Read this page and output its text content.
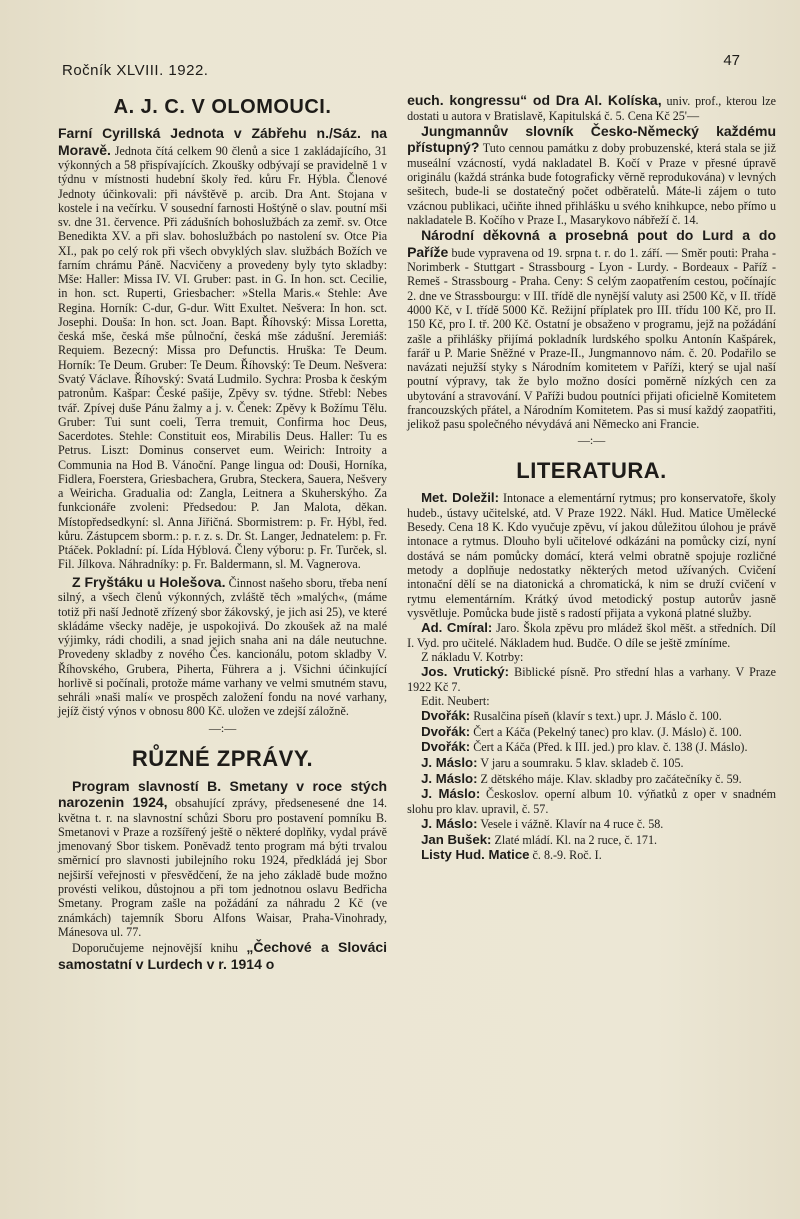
Ročník XLVIII. 1922.
47
A. J. C. V OLOMOUCI.

Farní Cyrillská Jednota v Zábřehu n./Sáz. na Moravě. Jednota čítá celkem 90 členů a sice 1 zakládajícího, 31 výkonných a 58 přispívajících. Zkoušky odbývají se pravidelně 1 v týdnu v místnosti hudební školy řed. kůru Fr. Hýbla. Členové Jednoty účinkovali: při návštěvě p. arcib. Dra Ant. Stojana v kostele i na večírku. V sousední farnosti Hoštýně o slav. poutní mši sv. dne 31. července. Při zádušních bohoslužbách za zemř. sv. Otce Benedikta XV. a při slav. bohoslužbách po nastolení sv. Otce Pia XI., pak po celý rok při všech obvyklých slav. službách Božích ve farním chrámu Páně. Nacvičeny a provedeny byly tyto skladby: Mše: Haller: Missa IV. VI. Gruber: past. in G. In hon. sct. Cecilie, in hon. sct. Ruperti, Griesbacher: »Stella Maris.« Stehle: Ave Regina. Horník: C-dur, G-dur. Witt Exultet. Nešvera: In hon. sct. Josephi. Douša: In hon. sct. Joan. Bapt. Říhovský: Missa Loretta, česká mše, česká mše půlnoční, česká mše zádušní. Jeremiáš: Requiem. Bezecný: Missa pro Defunctis. Hruška: Te Deum. Horník: Te Deum. Gruber: Te Deum. Říhovský: Te Deum. Nešvera: Svatý Václave. Říhovský: Svatá Ludmilo. Sychra: Prosba k českým patronům. Kašpar: České pašije, Zpěvy sv. týdne. Střebl: Nebes tvář. Zpívej duše Pánu žalmy a j. v. Čenek: Zpěvy k Božímu Tělu. Gruber: Tui sunt coeli, Terra tremuit, Confirma hoc Deus, Sacerdotes. Stehle: Constituit eos, Mirabilis Deus. Haller: Tu es Petrus. Liszt: Dominus conservet eum. Weirich: Introity a Communia na Hod B. Vánoční. Pange lingua od: Douši, Horníka, Fidlera, Foerstera, Griesbachera, Grubra, Steckera, Sauera, Nešvery a Weiricha. Gradualia od: Zangla, Leitnera a Skuherskýho. Za funkcionáře zvoleni: Předsedou: P. Jan Malota, děkan. Místopředsedkyní: sl. Anna Jiřičná. Sbormistrem: p. Fr. Hýbl, řed. kůru. Zástupcem sborm.: p. r. z. s. Dr. St. Langer, Jednatelem: p. Fr. Ptáček. Pokladní: pí. Lída Hýblová. Členy výboru: p. Fr. Turček, sl. Fil. Jílkova. Náhradníky: p. Fr. Baldermann, sl. M. Vagnerova.

Z Fryštáku u Holešova. Činnost našeho sboru, třeba není silný, a všech členů výkonných, zvláště těch »malých«, (máme totiž při naší Jednotě zřízený sbor žákovský, je jich asi 25), ve které skládáme všecky naděje, je uspokojivá. Do zkoušek až na malé výjimky, rádi chodili, a snad jejich snaha ani na dále neutuchne. Provedeny skladby z nového Čes. kancionálu, potom skladby V. Říhovského, Grubera, Piherta, Führera a j. Všichni účinkující horlivě si počínali, protože máme varhany ve velmi smutném stavu, sehráli »naši malí« ve prospěch založení fondu na nové varhany, jejíž čistý výnos v obnosu 800 Kč. uložen ve zdejší záložně.

—:—
RŮZNÉ ZPRÁVY.

Program slavností B. Smetany v roce stých narozenin 1924, obsahující zprávy, předsenesené dne 14. května t. r. na slavnostní schůzi Sboru pro postavení pomníku B. Smetanovi v Praze a rozšířený ještě o některé doplňky, vydal právě jmenovaný Sbor tiskem. Poněvadž tento program má býti trvalou směrnicí pro slavnosti jubilejního roku 1924, předkládá jej Sbor nejširší veřejnosti v přesvědčení, že na jeho základě bude možno provésti velikou, důstojnou a při tom jednotnou oslavu Bedřicha Smetany. Program zašle na požádání za náhradu 2 Kč (ve známkách) tajemník Sboru Alfons Waisar, Praha-Vinohrady, Mánesova ul. 77.

Doporučujeme nejnovější knihu „Čechové a Slováci samostatní v Lurdech v r. 1914 o

euch. kongressu“ od Dra Al. Kolíska, univ. prof., kterou lze dostati u autora v Bratislavě, Kapitulská č. 5. Cena Kč 25'—

Jungmannův slovník Česko-Německý každému přístupný? Tuto cennou památku z doby probuzenské, která stala se již museální vzácností, vydá nakladatel B. Kočí v Praze v přesné úpravě originálu (každá stránka bude fotograficky věrně reprodukována) v levných sešitech, bude-li se dostatečný počet odběratelů. Máte-li zájem o tuto vzácnou publikaci, učiňte ihned přihlášku u svého knihkupce, nebo přímo u nakladatele B. Kočího v Praze I., Masarykovo nábřeží č. 14.

Národní děkovná a prosebná pout do Lurd a do Paříže bude vypravena od 19. srpna t. r. do 1. září. — Směr pouti: Praha - Norimberk - Stuttgart - Strassbourg - Lyon - Lurdy. - Bordeaux - Paříž - Remeš - Strassbourg - Praha. Ceny: S celým zaopatřením cestou, počínajíc 2. dne ve Strassbourgu: v III. třídě dle nynější valuty asi 2500 Kč, v II. třídě 4000 Kč, v I. třídě 5000 Kč. Režijní příplatek pro III. třídu 100 Kč, pro II. 150 Kč, pro I. tř. 200 Kč. Ostatní je obsaženo v programu, jejž na požádání zašle a přihlášky přijímá pokladník lurdského spolku Antonín Kašpárek, farář u P. Marie Sněžné v Praze-II., Jungmannovo nám. č. 20. Podařilo se navázati nejužší styky s Národním komitetem v Paříži, který se ujal naší poutní výpravy, tak že bylo možno dosíci poměrně nízkých cen za ubytování a stravování. V Paříži budou poutníci přijati oficielně Komitetem francouzských přátel, a Národním Komitetem. Pas si musí každý zaopatřiti, jelikož pasu společného névydává ani Německo ani Francie.

—:—
LITERATURA.

Met. Doležil: Intonace a elementární rytmus; pro konservatoře, školy hudeb., ústavy učitelské, atd. V Praze 1922. Nákl. Hud. Matice Umělecké Besedy. Cena 18 K. Kdo vyučuje zpěvu, ví jakou důležitou úlohou je právě intonace a rytmus. Dlouho byli učitelové odkázáni na pomůcky cizí, nyní dostává se nám pomůcky domácí, která velmi obratně spojuje rozličné metody a doplňuje nedostatky některých metod užívaných. Cvičení intonační dělí se na diatonická a chromatická, k nim se druží cvičení v rytmu elementárním. Krátký úvod metodický postup autorův jasně vysvětluje. Pomůcka bude jistě s radostí přijata a vykoná platné služby.

Ad. Cmíral: Jaro. Škola zpěvu pro mládež škol měšt. a středních. Díl I. Vyd. pro učitelé. Nákladem hud. Budče. O díle se ještě zmíníme.

Z nákladu V. Kotrby:

Jos. Vrutický: Biblické písně. Pro střední hlas a varhany. V Praze 1922 Kč 7.

Edit. Neubert:

Dvořák: Rusalčina píseň (klavír s text.) upr. J. Máslo č. 100.

Dvořák: Čert a Káča (Pekelný tanec) pro klav. (J. Máslo) č. 100.

Dvořák: Čert a Káča (Před. k III. jed.) pro klav. č. 138 (J. Máslo).

J. Máslo: V jaru a soumraku. 5 klav. skladeb č. 105.

J. Máslo: Z dětského máje. Klav. skladby pro začátečníky č. 59.

J. Máslo: Českoslov. operní album 10. výňatků z oper v snadném slohu pro klav. upravil, č. 57.

J. Máslo: Vesele i vážně. Klavír na 4 ruce č. 58.

Jan Bušek: Zlaté mládí. Kl. na 2 ruce, č. 171.

Listy Hud. Matice č. 8.-9. Roč. I.
